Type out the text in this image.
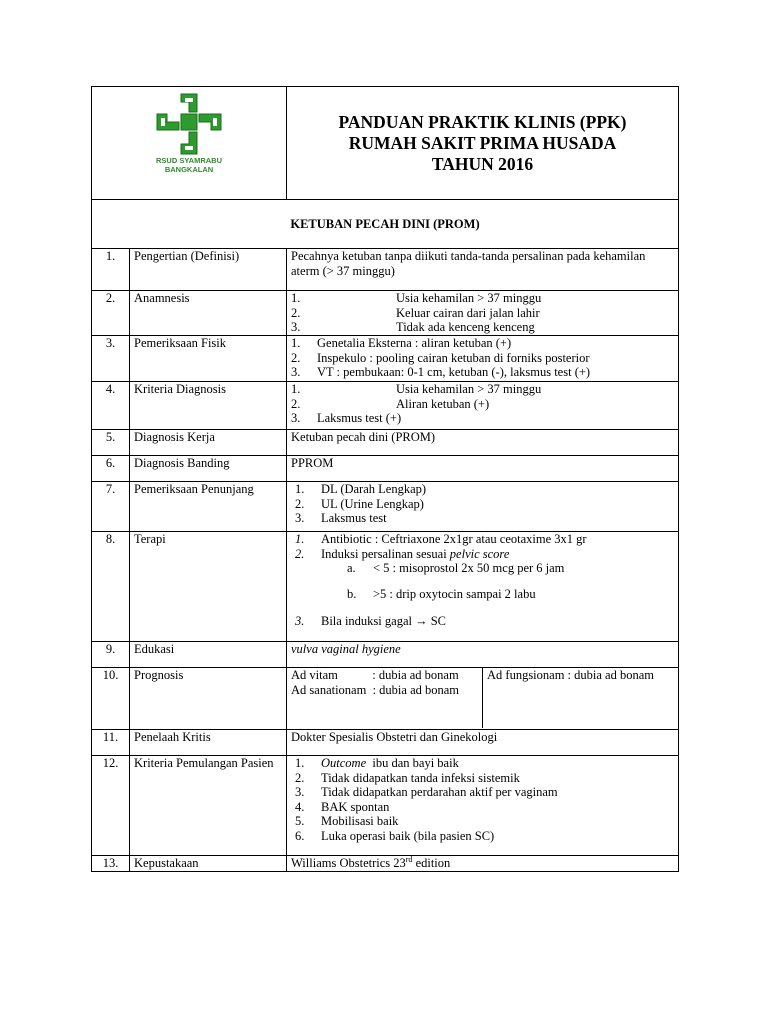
RSUD SYAMRABU
BANGKALAN

PANDUAN PRAKTIK KLINIS (PPK)
RUMAH SAKIT PRIMA HUSADA
TAHUN 2016

KETUBAN PECAH DINI (PROM)
1.	Pengertian (Definisi)	Pecahnya ketuban tanpa diikuti tanda-tanda persalinan pada kehamilan aterm (> 37 minggu)
2.	Anamnesis	1.	Usia kehamilan > 37 minggu
2.	Keluar cairan dari jalan lahir
3.	Tidak ada kenceng kenceng

3.	Pemeriksaan Fisik	1.	Genetalia Eksterna : aliran ketuban (+)
2.	Inspekulo : pooling cairan ketuban di forniks posterior
3.	VT : pembukaan: 0-1 cm, ketuban (-), laksmus test (+)

4.	Kriteria Diagnosis	1.	Usia kehamilan > 37 minggu
2.	Aliran ketuban (+)
3.	Laksmus test (+)

5.	Diagnosis Kerja	Ketuban pecah dini (PROM)
6.	Diagnosis Banding	PPROM
7.	Pemeriksaan Penunjang	1.	DL (Darah Lengkap)
2.	UL (Urine Lengkap)
3.	Laksmus test

8.	Terapi	1.	Antibiotic : Ceftriaxone 2x1gr atau ceotaxime 3x1 gr
2.	Induksi persalinan sesuai pelvic score
a.	< 5 : misoprostol 2x 50 mcg per 6 jam
b.	>5 : drip oxytocin sampai 2 labu
3.	Bila induksi gagal → SC

9.	Edukasi	vulva vaginal hygiene
10.	Prognosis		Ad vitam           : dubia ad bonam
Ad sanationam  : dubia ad bonam
	Ad fungsionam : dubia ad bonam

11.	Penelaah Kritis	Dokter Spesialis Obstetri dan Ginekologi
12.	Kriteria Pemulangan Pasien	1.	Outcome  ibu dan bayi baik
2.	Tidak didapatkan tanda infeksi sistemik
3.	Tidak didapatkan perdarahan aktif per vaginam
4.	BAK spontan
5.	Mobilisasi baik
6.	Luka operasi baik (bila pasien SC)

13.	Kepustakaan	Williams Obstetrics 23rd edition
